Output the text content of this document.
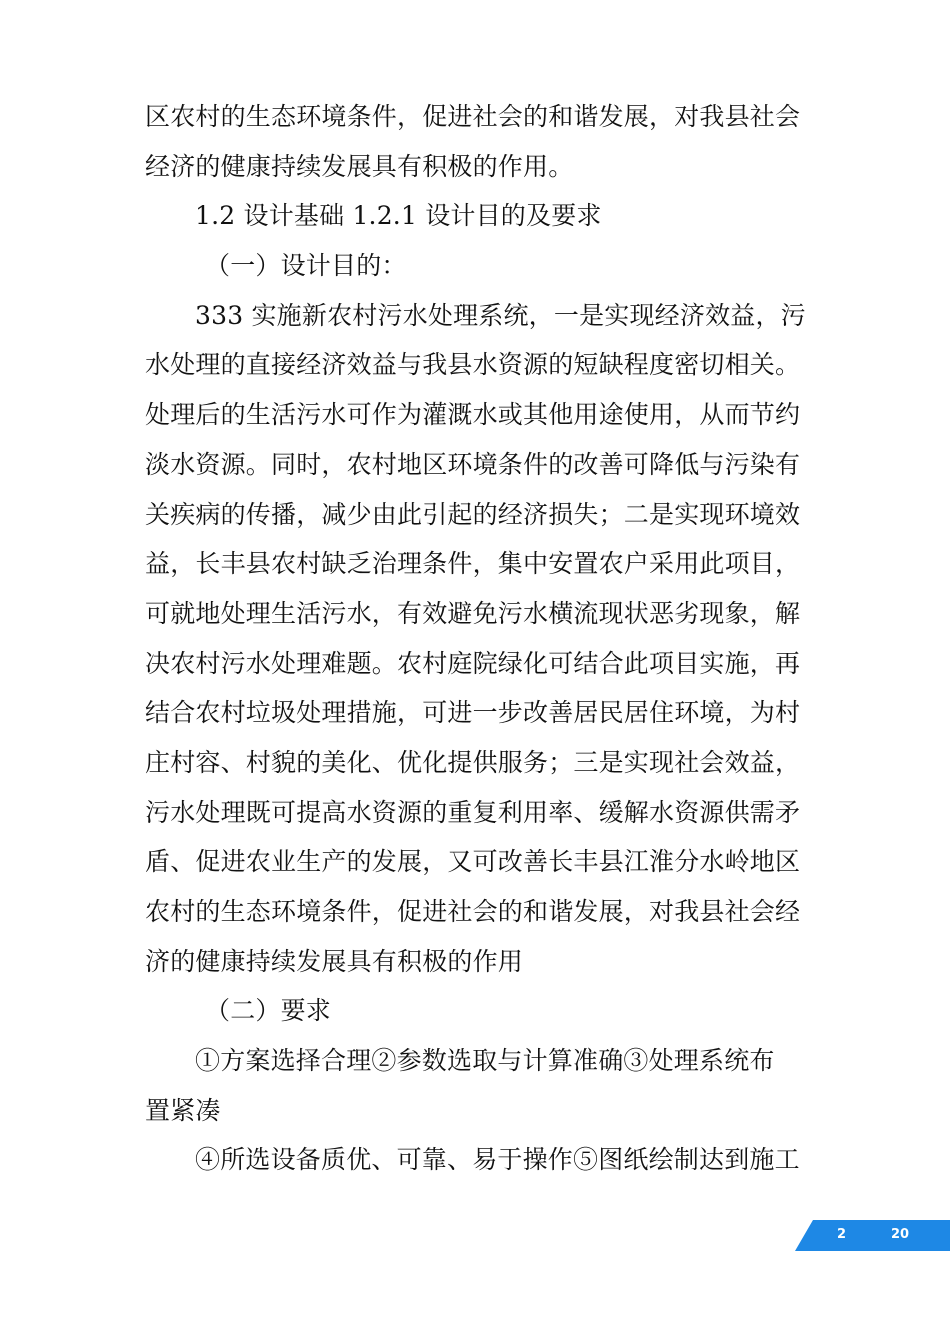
区农村的生态环境条件，促进社会的和谐发展，对我县社会
经济的健康持续发展具有积极的作用。
1.2 设计基础 1.2.1 设计目的及要求
（一）设计目的：
333 实施新农村污水处理系统，一是实现经济效益，污
水处理的直接经济效益与我县水资源的短缺程度密切相关。
处理后的生活污水可作为灌溉水或其他用途使用，从而节约
淡水资源。同时，农村地区环境条件的改善可降低与污染有
关疾病的传播，减少由此引起的经济损失；二是实现环境效
益，长丰县农村缺乏治理条件，集中安置农户采用此项目，
可就地处理生活污水，有效避免污水横流现状恶劣现象，解
决农村污水处理难题。农村庭院绿化可结合此项目实施，再
结合农村垃圾处理措施，可进一步改善居民居住环境，为村
庄村容、村貌的美化、优化提供服务；三是实现社会效益，
污水处理既可提高水资源的重复利用率、缓解水资源供需矛
盾、促进农业生产的发展，又可改善长丰县江淮分水岭地区
农村的生态环境条件，促进社会的和谐发展，对我县社会经
济的健康持续发展具有积极的作用
（二）要求
①方案选择合理②参数选取与计算准确③处理系统布
置紧凑
④所选设备质优、可靠、易于操作⑤图纸绘制达到施工
2	20
